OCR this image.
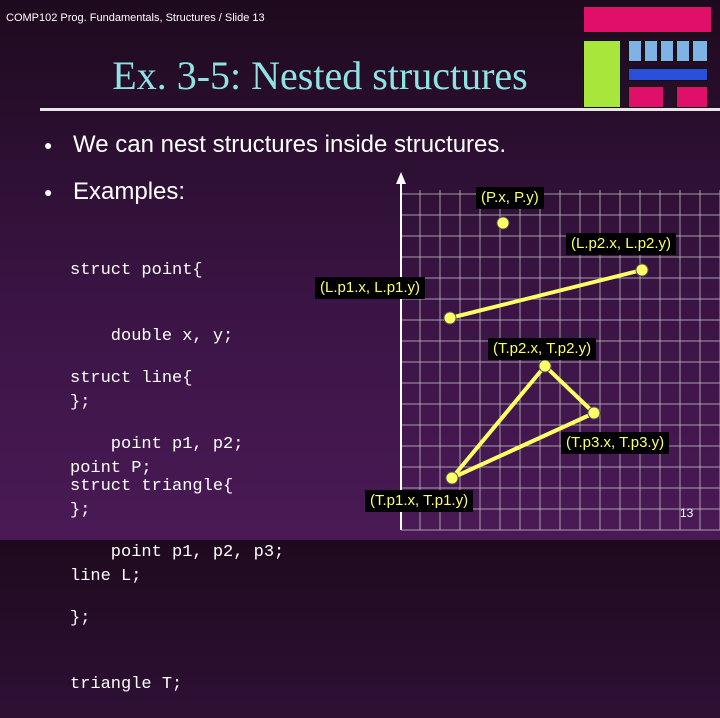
COMP102 Prog. Fundamentals, Structures / Slide 13
Ex. 3-5: Nested structures
● We can nest structures inside structures.
● Examples:

struct point{

double x, y;

};

point P;

struct line{

point p1, p2;

};

line L;

struct triangle{

point p1, p2, p3;

};

triangle T;

(P.x, P.y)
(L.p2.x, L.p2.y)
(L.p1.x, L.p1.y)
(T.p2.x, T.p2.y)
(T.p3.x, T.p3.y)
(T.p1.x, T.p1.y)
13
